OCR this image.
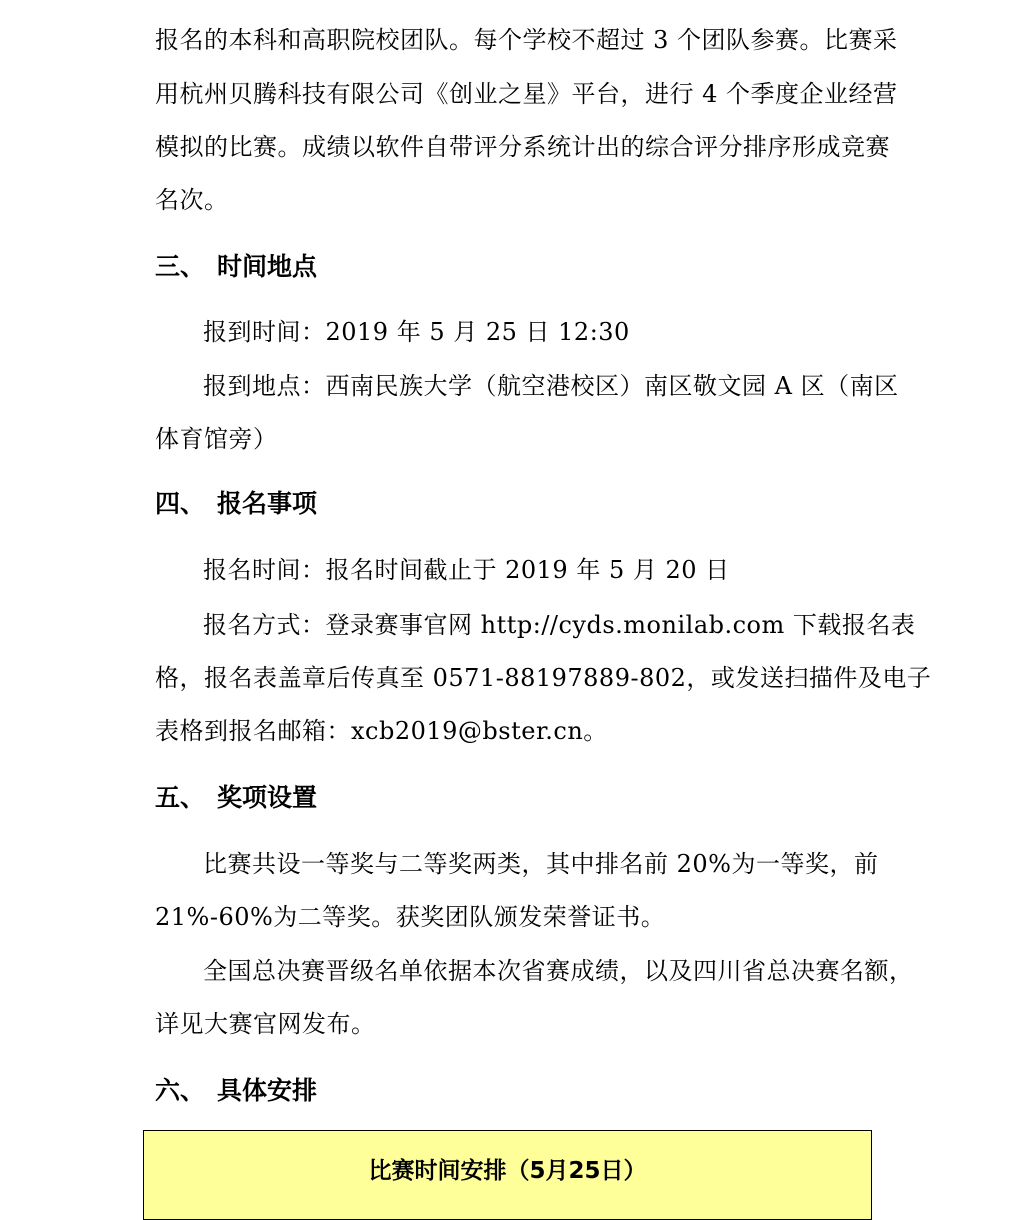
报名的本科和高职院校团队。每个学校不超过 3 个团队参赛。比赛采
用杭州贝腾科技有限公司《创业之星》平台，进行 4 个季度企业经营
模拟的比赛。成绩以软件自带评分系统计出的综合评分排序形成竞赛
名次。
三、 时间地点
报到时间：2019 年 5 月 25 日 12:30
报到地点：西南民族大学（航空港校区）南区敬文园 A 区（南区
体育馆旁）
四、 报名事项
报名时间：报名时间截止于 2019 年 5 月 20 日
报名方式：登录赛事官网 http://cyds.monilab.com 下载报名表
格，报名表盖章后传真至 0571-88197889-802，或发送扫描件及电子
表格到报名邮箱：xcb2019@bster.cn。
五、 奖项设置
比赛共设一等奖与二等奖两类，其中排名前 20%为一等奖，前
21%-60%为二等奖。获奖团队颁发荣誉证书。
全国总决赛晋级名单依据本次省赛成绩，以及四川省总决赛名额，
详见大赛官网发布。
六、 具体安排
比赛时间安排（5月25日）
